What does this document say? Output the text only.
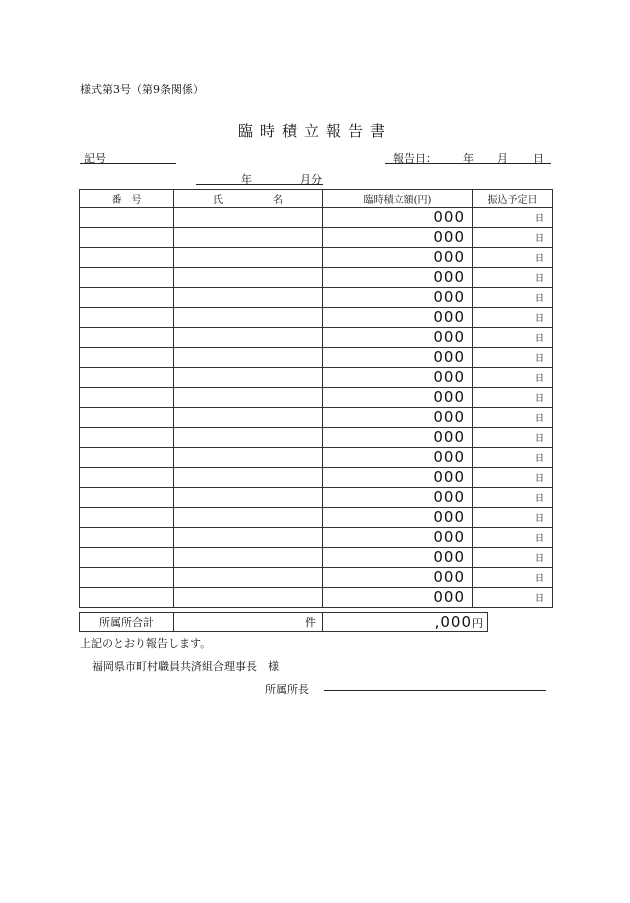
様式第3号（第9条関係）
臨時積立報告書
記号	報告日： 年 月 日
年	月分
番　号	氏　　　　　名	臨時積立額(円)	振込予定日

		000	日

		000	日

		000	日

		000	日

		000	日

		000	日

		000	日

		000	日

		000	日

		000	日

		000	日

		000	日

		000	日

		000	日

		000	日

		000	日

		000	日

		000	日

		000	日

		000	日
所属所合計	件	,000円
上記のとおり報告します。
福岡県市町村職員共済組合理事長　様
所属所長
